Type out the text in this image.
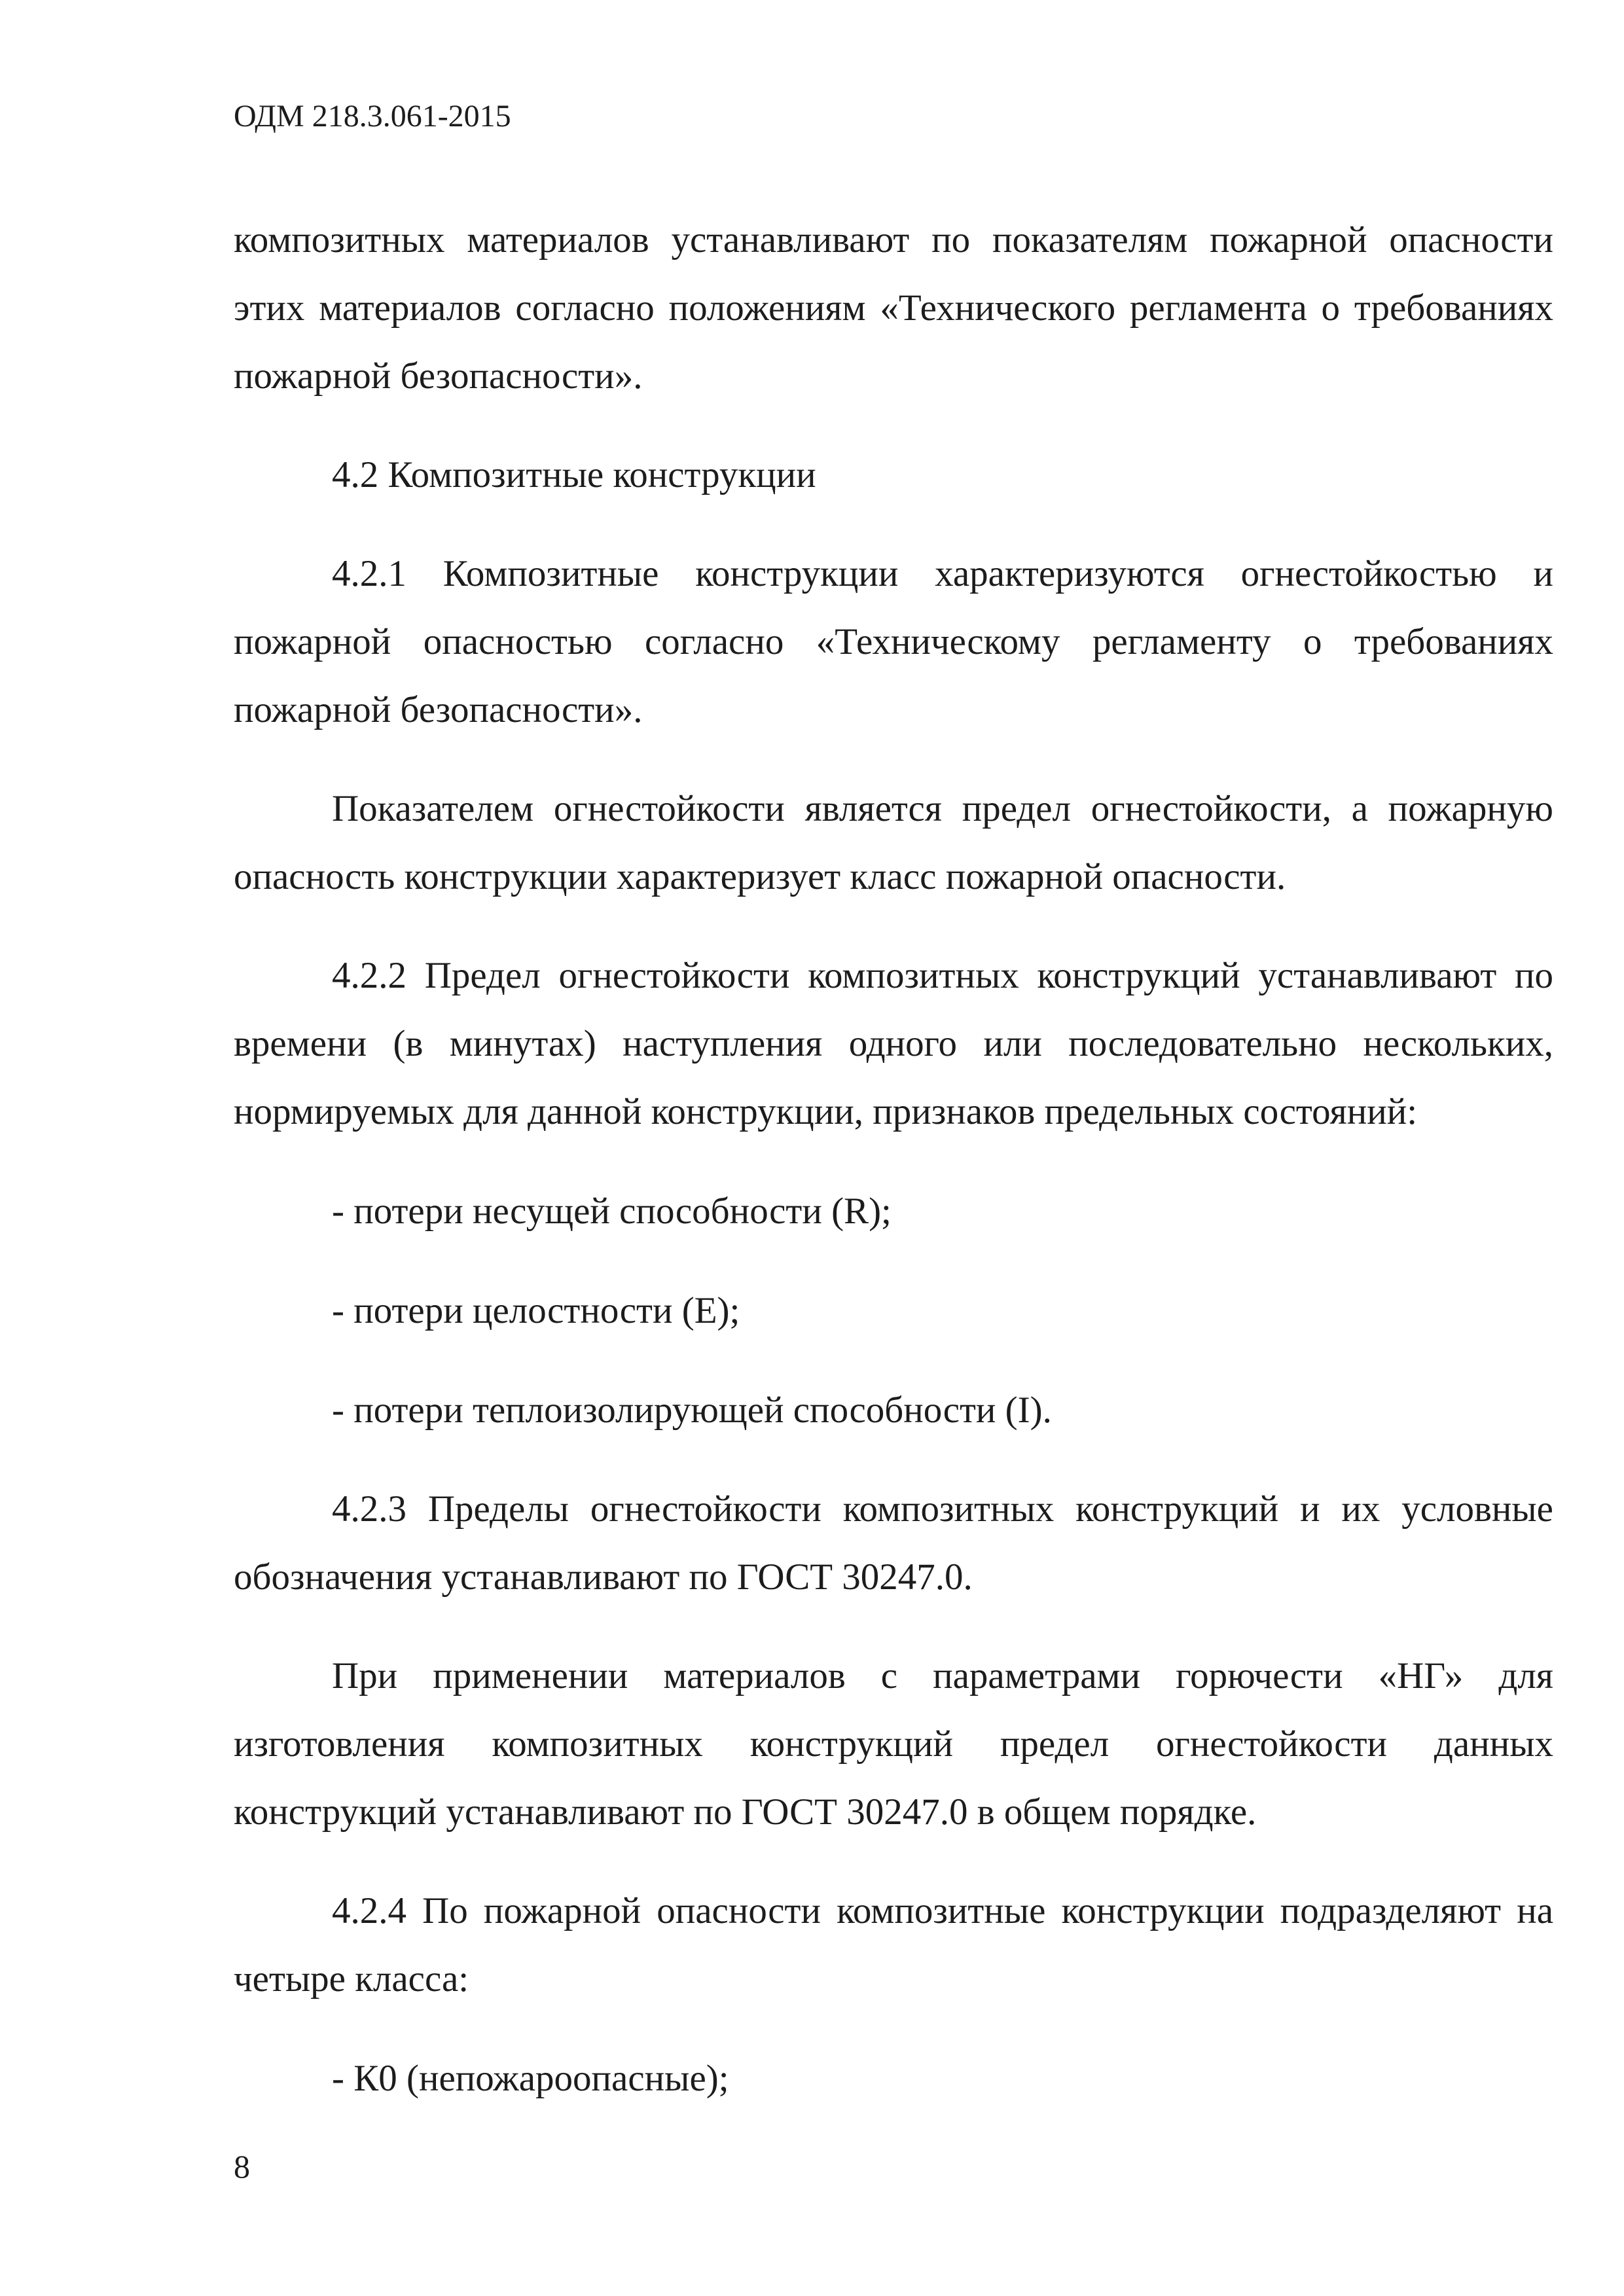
ОДМ 218.3.061-2015

композитных материалов устанавливают по показателям пожарной опасности этих материалов согласно положениям «Технического регламента о требованиях пожарной безопасности».

4.2 Композитные конструкции

4.2.1 Композитные конструкции характеризуются огнестойкостью и пожарной опасностью согласно «Техническому регламенту о требованиях пожарной безопасности».

Показателем огнестойкости является предел огнестойкости, а пожарную опасность конструкции характеризует класс пожарной опасности.

4.2.2 Предел огнестойкости композитных конструкций устанавливают по времени (в минутах) наступления одного или последовательно нескольких, нормируемых для данной конструкции, признаков предельных состояний:

- потери несущей способности (R);

- потери целостности (E);

- потери теплоизолирующей способности (I).

4.2.3 Пределы огнестойкости композитных конструкций и их условные обозначения устанавливают по ГОСТ 30247.0.

При применении материалов с параметрами горючести «НГ» для изготовления композитных конструкций предел огнестойкости данных конструкций устанавливают по ГОСТ 30247.0 в общем порядке.

4.2.4 По пожарной опасности композитные конструкции подразделяют на четыре класса:

- К0 (непожароопасные);

8
